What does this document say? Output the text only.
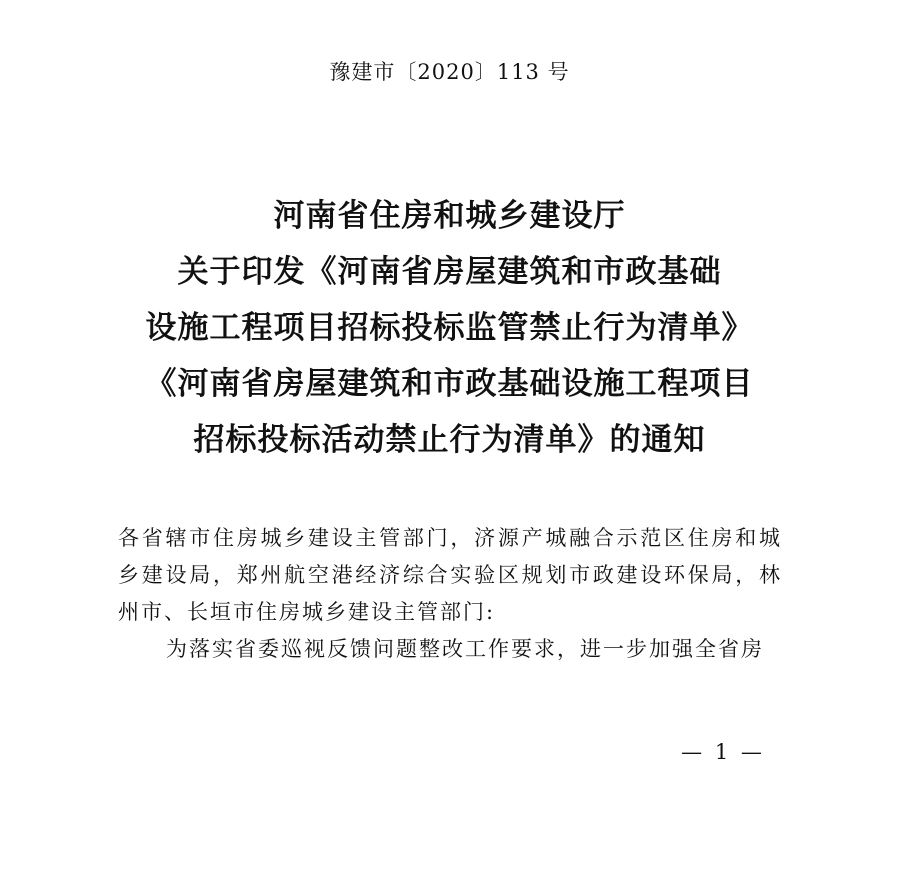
豫建市〔2020〕113 号
河南省住房和城乡建设厅
关于印发《河南省房屋建筑和市政基础
设施工程项目招标投标监管禁止行为清单》
《河南省房屋建筑和市政基础设施工程项目
招标投标活动禁止行为清单》的通知
各省辖市住房城乡建设主管部门，济源产城融合示范区住房和城乡建设局，郑州航空港经济综合实验区规划市政建设环保局，林州市、长垣市住房城乡建设主管部门:
为落实省委巡视反馈问题整改工作要求，进一步加强全省房
— 1 —
